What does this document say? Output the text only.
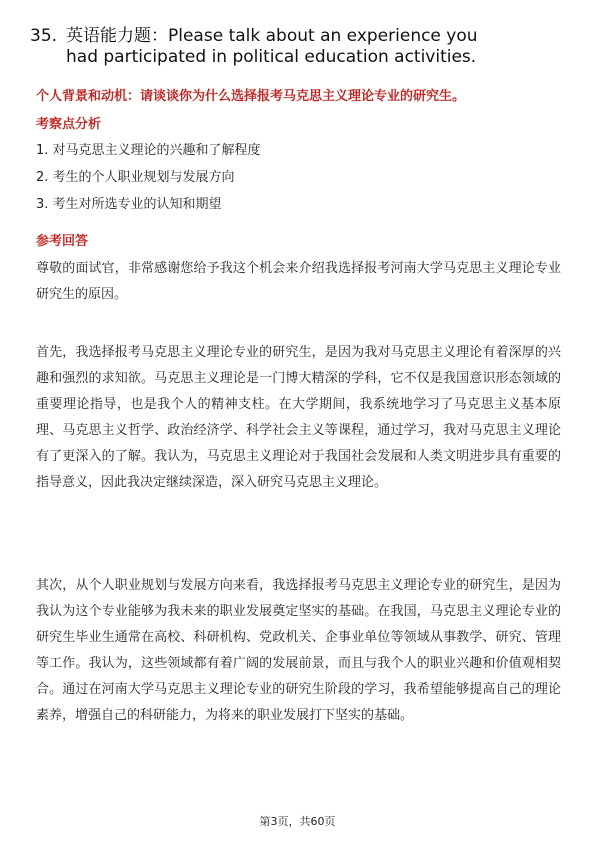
35. 英语能力题：Please talk about an experience you had participated in political education activities.
个人背景和动机：请谈谈你为什么选择报考马克思主义理论专业的研究生。
考察点分析
1. 对马克思主义理论的兴趣和了解程度
2. 考生的个人职业规划与发展方向
3. 考生对所选专业的认知和期望
参考回答
尊敬的面试官，非常感谢您给予我这个机会来介绍我选择报考河南大学马克思主义理论专业研究生的原因。
首先，我选择报考马克思主义理论专业的研究生，是因为我对马克思主义理论有着深厚的兴趣和强烈的求知欲。马克思主义理论是一门博大精深的学科，它不仅是我国意识形态领域的重要理论指导，也是我个人的精神支柱。在大学期间，我系统地学习了马克思主义基本原理、马克思主义哲学、政治经济学、科学社会主义等课程，通过学习，我对马克思主义理论有了更深入的了解。我认为，马克思主义理论对于我国社会发展和人类文明进步具有重要的指导意义，因此我决定继续深造，深入研究马克思主义理论。
其次，从个人职业规划与发展方向来看，我选择报考马克思主义理论专业的研究生，是因为我认为这个专业能够为我未来的职业发展奠定坚实的基础。在我国，马克思主义理论专业的研究生毕业生通常在高校、科研机构、党政机关、企事业单位等领域从事教学、研究、管理等工作。我认为，这些领域都有着广阔的发展前景，而且与我个人的职业兴趣和价值观相契合。通过在河南大学马克思主义理论专业的研究生阶段的学习，我希望能够提高自己的理论素养，增强自己的科研能力，为将来的职业发展打下坚实的基础。
第3页，共60页
